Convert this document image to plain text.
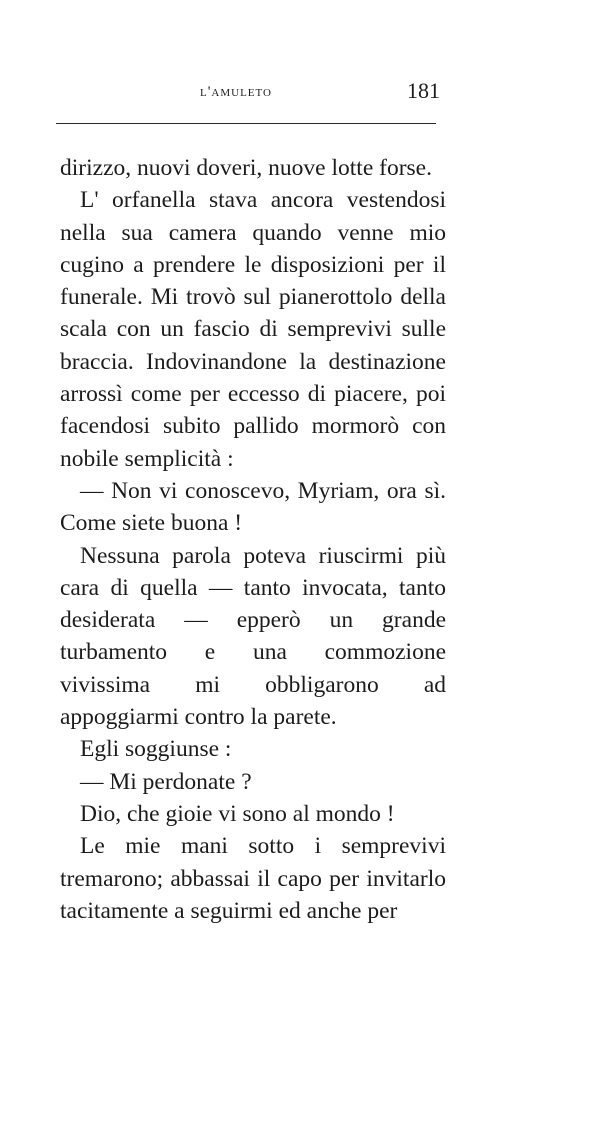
l'amuleto	181

dirizzo, nuovi doveri, nuove lotte forse.

L' orfanella stava ancora vestendosi nella sua camera quando venne mio cugino a prendere le disposizioni per il funerale. Mi trovò sul pianerottolo della scala con un fascio di semprevivi sulle braccia. Indovinandone la destinazione arrossì come per eccesso di piacere, poi facendosi subito pallido mormorò con nobile semplicità :

— Non vi conoscevo, Myriam, ora sì. Come siete buona !

Nessuna parola poteva riuscirmi più cara di quella — tanto invocata, tanto desiderata — epperò un grande turbamento e una commozione vivissima mi obbligarono ad appoggiarmi contro la parete.

Egli soggiunse :

— Mi perdonate ?

Dio, che gioie vi sono al mondo !

Le mie mani sotto i semprevivi tremarono; abbassai il capo per invitarlo tacitamente a seguirmi ed anche per
